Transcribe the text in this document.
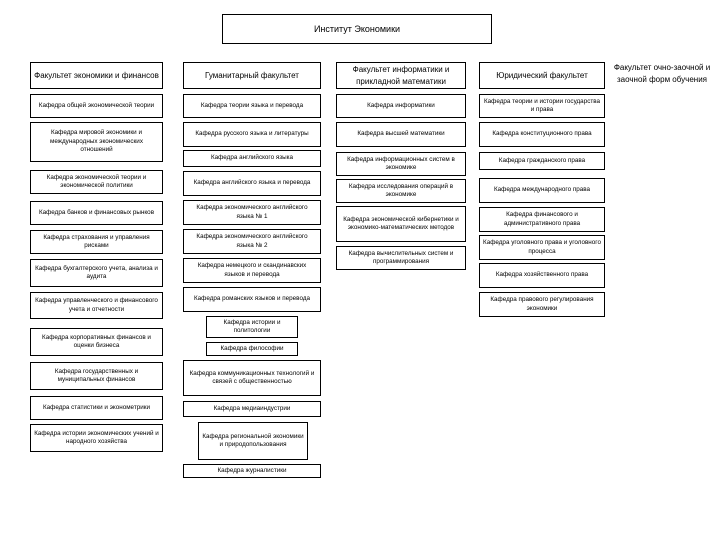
Институт Экономики
Факультет экономики и финансов
Кафедра общей экономической теории
Кафедра мировой экономики и международных экономических отношений
Кафедра экономической теории и экономической политики
Кафедра банков и финансовых рынков
Кафедра страхования и управления рисками
Кафедра бухгалтерского учета, анализа и аудита
Кафедра управленческого и финансового учета и отчетности
Кафедра корпоративных финансов и оценки бизнеса
Кафедра государственных и муниципальных финансов
Кафедра статистики и эконометрики
Кафедра истории экономических учений и народного хозяйства
Гуманитарный факультет
Кафедра теории языка и перевода
Кафедра русского языка и литературы
Кафедра английского языка
Кафедра английского языка и перевода
Кафедра экономического английского языка № 1
Кафедра экономического английского языка № 2
Кафедра немецкого и скандинавских языков и перевода
Кафедра романских языков и перевода
Кафедра истории и политологии
Кафедра философии
Кафедра коммуникационных технологий и связей с общественностью
Кафедра медиаиндустрии
Кафедра региональной экономики и природопользования
Кафедра журналистики
Факультет информатики и прикладной математики
Кафедра информатики
Кафедра высшей математики
Кафедра информационных систем в экономике
Кафедра исследования операций в экономике
Кафедра экономической кибернетики и экономико-математических методов
Кафедра вычислительных систем и программирования
Юридический факультет
Кафедра теории и истории государства и права
Кафедра конституционного права
Кафедра гражданского права
Кафедра международного права
Кафедра финансового и административного права
Кафедра уголовного права и уголовного процесса
Кафедра хозяйственного права
Кафедра правового регулирования экономики
Факультет очно-заочной и заочной форм обучения
